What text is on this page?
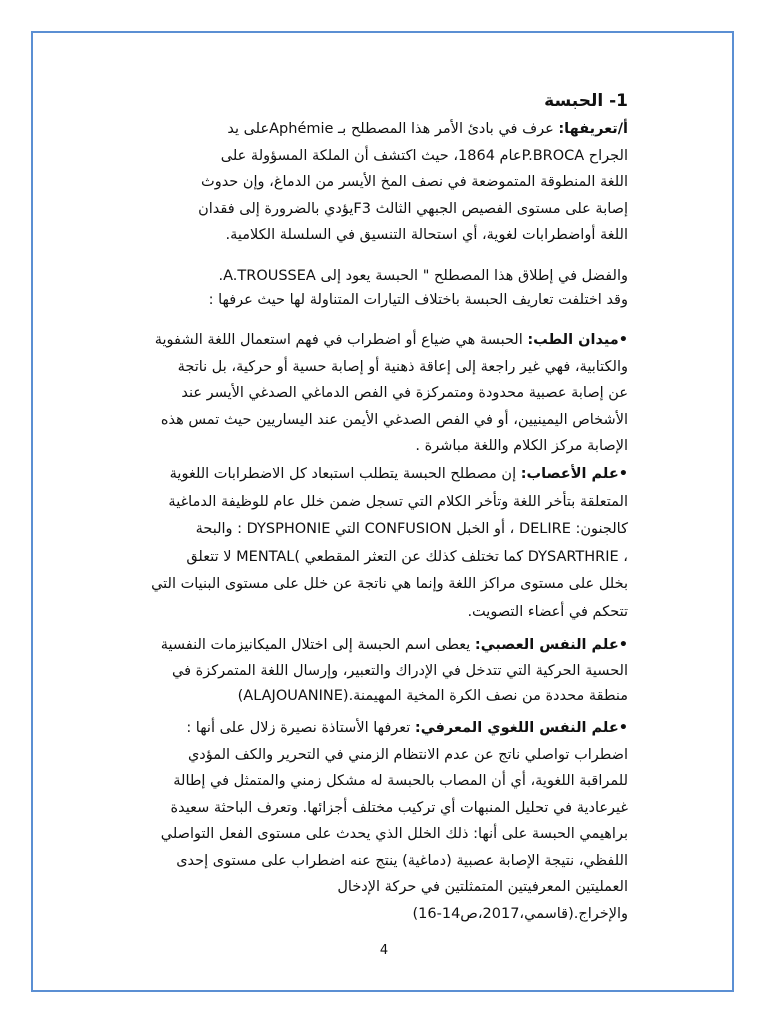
1- الحبسة

أ/تعريفها: عرف في بادئ الأمر هذا المصطلح بـ Aphémieعلى يد
الجراح P.BROCAعام 1864، حيث اكتشف أن الملكة المسؤولة على
اللغة المنطوقة المتموضعة في نصف المخ الأيسر من الدماغ، وإن حدوث
إصابة على مستوى الفصيص الجبهي الثالث F3يؤدي بالضرورة إلى فقدان
اللغة أواضطرابات لغوية، أي استحالة التنسيق في السلسلة الكلامية.

والفضل في إطلاق هذا المصطلح " الحبسة يعود إلى A.TROUSSEA.
وقد اختلفت تعاريف الحبسة باختلاف التيارات المتناولة لها حيث عرفها :

•ميدان الطب: الحبسة هي ضياع أو اضطراب في فهم استعمال اللغة الشفوية
والكتابية، فهي غير راجعة إلى إعاقة ذهنية أو إصابة حسية أو حركية، بل ناتجة
عن إصابة عصبية محدودة ومتمركزة في الفص الدماغي الصدغي الأيسر عند
الأشخاص اليمينيين، أو في الفص الصدغي الأيمن عند اليساريين حيث تمس هذه
الإصابة مركز الكلام واللغة مباشرة .

•علم الأعصاب: إن مصطلح الحبسة يتطلب استبعاد كل الاضطرابات اللغوية
المتعلقة بتأخر اللغة وتأخر الكلام التي تسجل ضمن خلل عام للوظيفة الدماغية
كالجنون: DELIRE ، أو الخبل CONFUSION التي DYSPHONIE : والبحة
، DYSARTHRIE كما تختلف كذلك عن التعثر المقطعي )MENTAL لا تتعلق
بخلل على مستوى مراكز اللغة وإنما هي ناتجة عن خلل على مستوى البنيات التي
تتحكم في أعضاء التصويت.

•علم النفس العصبي: يعطى اسم الحبسة إلى اختلال الميكانيزمات النفسية
الحسية الحركية التي تتدخل في الإدراك والتعبير، وإرسال اللغة المتمركزة في
منطقة محددة من نصف الكرة المخية المهيمنة.(ALAJOUANINE)

•علم النفس اللغوي المعرفي: تعرفها الأستاذة نصيرة زلال على أنها :
اضطراب تواصلي ناتج عن عدم الانتظام الزمني في التحرير والكف المؤدي
للمراقبة اللغوية، أي أن المصاب بالحبسة له مشكل زمني والمتمثل في إطالة
غيرعادية في تحليل المنبهات أي تركيب مختلف أجزائها. وتعرف الباحثة سعيدة
براهيمي الحبسة على أنها: ذلك الخلل الذي يحدث على مستوى الفعل التواصلي
اللفظي، نتيجة الإصابة عصبية (دماغية) ينتج عنه اضطراب على مستوى إحدى
العمليتين المعرفيتين المتمثلتين في حركة الإدخال
والإخراج.(قاسمي،2017،ص14-16)

4
